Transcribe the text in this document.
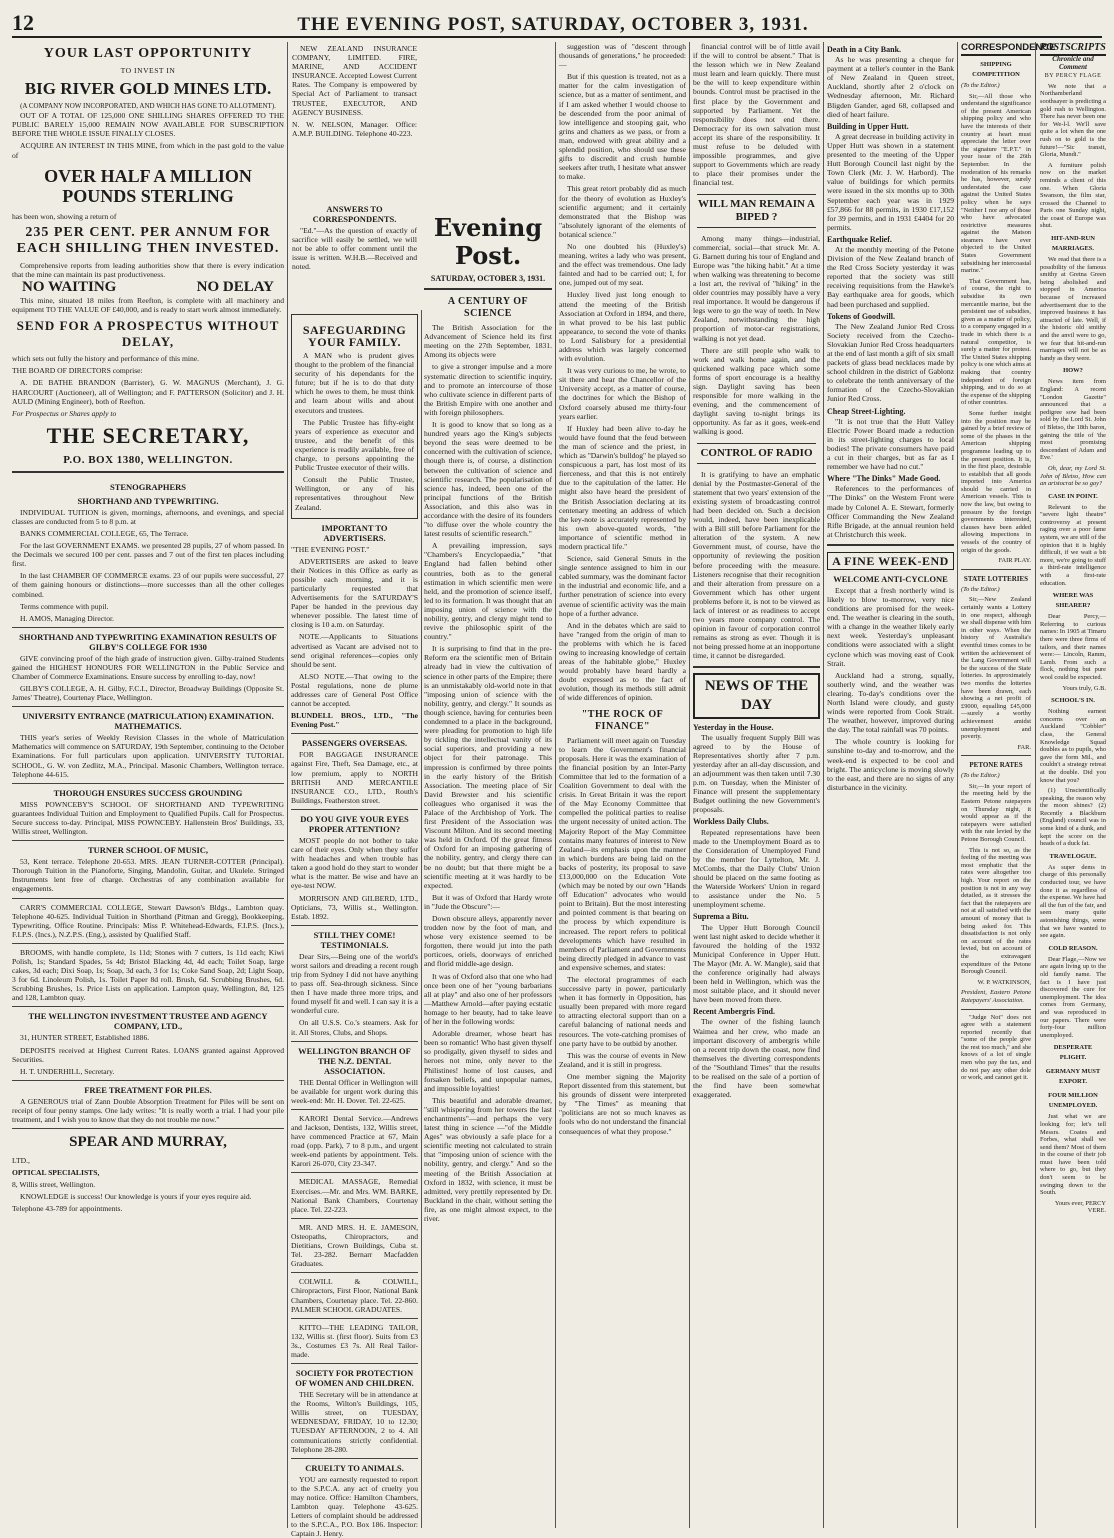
12	THE EVENING POST, SATURDAY, OCTOBER 3, 1931.
YOUR LAST OPPORTUNITY
TO INVEST IN
BIG RIVER GOLD MINES LTD.
(A COMPANY NOW INCORPORATED, AND WHICH HAS GONE TO ALLOTMENT).

OUT OF A TOTAL OF 125,000 ONE SHILLING SHARES OFFERED TO THE PUBLIC BARELY 15,000 REMAIN NOW AVAILABLE FOR SUBSCRIPTION BEFORE THE WHOLE ISSUE FINALLY CLOSES.

ACQUIRE AN INTEREST IN THIS MINE, from which in the past gold to the value of

OVER HALF A MILLION POUNDS STERLING

has been won, showing a return of

235 PER CENT. PER ANNUM FOR EACH SHILLING THEN INVESTED.

Comprehensive reports from leading authorities show that there is every indication that the mine can maintain its past productiveness.

NO WAITING	NO DELAY

This mine, situated 18 miles from Reefton, is complete with all machinery and equipment TO THE VALUE OF £40,000, and is ready to start work almost immediately.

SEND FOR A PROSPECTUS WITHOUT DELAY,

which sets out fully the history and performance of this mine.

THE BOARD OF DIRECTORS comprise:

A. DE BATHE BRANDON (Barrister), G. W. MAGNUS (Merchant), J. G. HARCOURT (Auctioneer), all of Wellington; and F. PATTERSON (Solicitor) and J. H. AULD (Mining Engineer), both of Reefton.

For Prospectus or Shares apply to

THE SECRETARY,
P.O. BOX 1380, WELLINGTON.
STENOGRAPHERS
SHORTHAND AND TYPEWRITING.

INDIVIDUAL TUITION is given, mornings, afternoons, and evenings, and special classes are conducted from 5 to 8 p.m. at

BANKS COMMERCIAL COLLEGE, 65, The Terrace.

For the last GOVERNMENT EXAMS. we presented 28 pupils, 27 of whom passed. In the Decimals we secured 100 per cent. passes and 7 out of the first ten places including first.

In the last CHAMBER OF COMMERCE exams. 23 of our pupils were successful, 27 of them gaining honours or distinctions—more successes than all the other colleges combined.

Terms commence with pupil.

H. AMOS, Managing Director.

SHORTHAND AND TYPEWRITING EXAMINATION RESULTS OF GILBY'S COLLEGE FOR 1930

GIVE convincing proof of the high grade of instruction given. Gilby-trained Students gained the HIGHEST HONOURS FOR WELLINGTON in the Public Service and Chamber of Commerce Examinations. Ensure success by enrolling to-day, now!

GILBY'S COLLEGE, A. H. Gilby, F.C.I., Director, Broadway Buildings (Opposite St. James' Theatre), Courtenay Place, Wellington.

UNIVERSITY ENTRANCE (MATRICULATION) EXAMINATION. MATHEMATICS.

THIS year's series of Weekly Revision Classes in the whole of Matriculation Mathematics will commence on SATURDAY, 19th September, continuing to the October Examinations. For full particulars upon application. UNIVERSITY TUTORIAL SCHOOL, G. W. von Zedlitz, M.A., Principal. Masonic Chambers, Wellington terrace. Telephone 44-615.

THOROUGH ENSURES SUCCESS GROUNDING

MISS POWNCEBY'S SCHOOL OF SHORTHAND AND TYPEWRITING guarantees Individual Tuition and Employment to Qualified Pupils. Call for Prospectus. Secure success to-day. Principal, MISS POWNCEBY. Hallenstein Bros' Buildings, 33, Willis street, Wellington.

TURNER SCHOOL OF MUSIC,

53, Kent terrace. Telephone 20-653. MRS. JEAN TURNER-COTTER (Principal). Thorough Tuition in the Pianoforte, Singing, Mandolin, Guitar, and Ukulele. Stringed Instruments lent free of charge. Orchestras of any combination available for engagements.

CARR'S COMMERCIAL COLLEGE, Stewart Dawson's Bldgs., Lambton quay. Telephone 40-625. Individual Tuition in Shorthand (Pitman and Gregg), Bookkeeping, Typewriting, Office Routine. Principals: Miss P. Whitehead-Edwards, F.I.P.S. (Incs.), F.I.P.S. (Incs.), N.Z.P.S. (Eng.), assisted by Qualified Staff.

BROOMS, with handle complete, 1s 11d; Stones with 7 cutters, 1s 11d each; Kiwi Polish, 1s; Standard Spades, 5s 4d; Bristol Blacking 4d, 4d each; Toilet Soap, large cakes, 3d each; Dixi Soap, 1s; Soap, 3d each, 3 for 1s; Coke Sand Soap, 2d; Light Soap, 3 for 6d. Linoleum Polish, 1s. Toilet Paper 8d roll. Brush, 6d. Scrubbing Brushes, 6d. Scrubbing Brushes, 1s. Price Lists on application. Lampton quay, Wellington, 8d, 125 and 128, Lambton quay.

THE WELLINGTON INVESTMENT TRUSTEE AND AGENCY COMPANY, LTD.,

31, HUNTER STREET, Established 1886.

DEPOSITS received at Highest Current Rates. LOANS granted against Approved Securities.

H. T. UNDERHILL, Secretary.

FREE TREATMENT FOR PILES.

A GENEROUS trial of Zann Double Absorption Treatment for Piles will be sent on receipt of four penny stamps. One lady writes: "It is really worth a trial. I had your pile treatment, and I wish you to know that they do not trouble me now."

SPEAR AND MURRAY,

LTD.,

OPTICAL SPECIALISTS,

8, Willis street, Wellington.

KNOWLEDGE is success! Our knowledge is yours if your eyes require aid.

Telephone 43-789 for appointments.

SAFEGUARDING YOUR FAMILY.

A MAN who is prudent gives thought to the problem of the financial security of his dependants for the future; but if he is to do that duty which he owes to them, he must think and learn about wills and about executors and trustees.

The Public Trustee has fifty-eight years of experience as executor and trustee, and the benefit of this experience is readily available, free of charge, to persons appointing the Public Trustee executor of their wills.

Consult the Public Trustee, Wellington, or any of his representatives throughout New Zealand.

IMPORTANT TO ADVERTISERS.

"THE EVENING POST."

ADVERTISERS are asked to leave their Notices in this Office as early as possible each morning, and it is particularly requested that Advertisements for the SATURDAY'S Paper be handed in the previous day whenever possible. The latest time of closing is 10 a.m. on Saturday.

NOTE.—Applicants to Situations advertised as Vacant are advised not to send original references—copies only should be sent.

ALSO NOTE.—That owing to the Postal regulations, none de plume addresses care of General Post Office cannot be accepted.

BLUNDELL BROS., LTD., "The Evening Post."

PASSENGERS OVERSEAS.

FOR BAGGAGE INSURANCE against Fire, Theft, Sea Damage, etc., at low premium, apply to NORTH BRITISH AND MERCANTILE INSURANCE CO., LTD., Routh's Buildings, Featherston street.

DO YOU GIVE YOUR EYES PROPER ATTENTION?

MOST people do not bother to take care of their eyes. Only when they suffer with headaches and when trouble has taken a good hold do they start to wonder what is the matter. Be wise and have an eye-test NOW.

MORRISON AND GILBERD, LTD., Opticians, 73, Willis st., Wellington. Estab. 1892.

STILL THEY COME! TESTIMONIALS.

Dear Sirs,—Being one of the world's worst sailors and dreading a recent rough trip from Sydney I did not have anything to pass off. Sea-through sickness. Since then I have made three more trips, and found myself fit and well. I can say it is a wonderful cure.

On all U.S.S. Co.'s steamers. Ask for it. All Stores, Clubs, and Shops.

WELLINGTON BRANCH OF THE N.Z. DENTAL ASSOCIATION.

THE Dental Officer in Wellington will be available for urgent work during this week-end: Mr. H. Dover. Tel. 22-625.

KARORI Dental Service.—Andrews and Jackson, Dentists, 132, Willis street, have commenced Practice at 67, Main road (opp. Park), 7 to 8 p.m., and urgent week-end patients by appointment. Tels. Karori 26-070, City 23-347.

MEDICAL MASSAGE, Remedial Exercises.—Mr. and Mrs. WM. BARKE, National Bank Chambers, Courtenay place. Tel. 22-223.

MR. AND MRS. H. E. JAMESON, Osteopaths, Chiropractors, and Dietitians, Crown Buildings, Cuba st. Tel. 23-282. Bernarr Macfadden Graduates.

COLWILL & COLWILL, Chiropractors, First Floor, National Bank Chambers, Courtenay place. Tel. 22-860. PALMER SCHOOL GRADUATES.

KITTO—THE LEADING TAILOR, 132, Willis st. (first floor). Suits from £3 3s., Costumes £3 7s. All Real Tailor-made.

SOCIETY FOR PROTECTION OF WOMEN AND CHILDREN.

THE Secretary will be in attendance at the Rooms, Wilton's Buildings, 105, Willis street, on TUESDAY, WEDNESDAY, FRIDAY, 10 to 12.30; TUESDAY AFTERNOON, 2 to 4. All communications strictly confidential. Telephone 28-280.

CRUELTY TO ANIMALS.

YOU are earnestly requested to report to the S.P.C.A. any act of cruelty you may notice. Office: Hamilton Chambers, Lambton quay. Telephone 43-625. Letters of complaint should be addressed to the S.P.C.A., P.O. Box 186. Inspector: Captain J. Henry.

NEW ZEALAND INSURANCE COMPANY, LIMITED. FIRE, MARINE, AND ACCIDENT INSURANCE. Accepted Lowest Current Rates. The Company is empowered by Special Act of Parliament to transact TRUSTEE, EXECUTOR, AND AGENCY BUSINESS.

N. W. NELSON, Manager. Office: A.M.P. BUILDING. Telephone 40-223.

ANSWERS TO CORRESPONDENTS.

"Ed."—As the question of exactly of sacrifice will easily be settled, we will not be able to offer comment until the issue is written. W.H.B.—Received and noted.

Evening Post.
SATURDAY, OCTOBER 3, 1931.
A CENTURY OF SCIENCE

The British Association for the Advancement of Science held its first meeting on the 27th September, 1831. Among its objects were

to give a stronger impulse and a more systematic direction to scientific inquiry, and to promote an intercourse of those who cultivate science in different parts of the British Empire with one another and with foreign philosophers.

It is good to know that so long as a hundred years ago the King's subjects beyond the seas were deemed to be concerned with the cultivation of science, though there is, of course, a distinction between the cultivation of science and scientific research. The popularisation of science has, indeed, been one of the principal functions of the British Association, and this also was in accordance with the desire of its founders "to diffuse over the whole country the latest results of scientific research."

A prevailing impression, says "Chambers's Encyclopaedia," "that England had fallen behind other countries, both as to the general estimation in which scientific men were held, and the promotion of science itself, led to its formation. It was thought that an imposing union of science with the nobility, gentry, and clergy might tend to revive the philosophic spirit of the country."

It is surprising to find that in the pre-Reform era the scientific men of Britain already had in view the cultivation of science in other parts of the Empire; there is an unmistakably old-world note in that "imposing union of science with the nobility, gentry, and clergy." It sounds as though science, having for centuries been condemned to a place in the background, were pleading for promotion to high life by tickling the intellectual vanity of its social superiors, and providing a new object for their patronage. This impression is confirmed by three points in the early history of the British Association. The meeting place of Sir David Brewster and his scientific colleagues who organised it was the Palace of the Archbishop of York. The first President of the Association was Viscount Milton. And its second meeting was held in Oxford. Of the great fitness of Oxford for an imposing gathering of the nobility, gentry, and clergy there can be no doubt; but that there might be a scientific meeting at it was hardly to be expected.

But it was of Oxford that Hardy wrote in "Jude the Obscure":—

Down obscure alleys, apparently never trodden now by the foot of man, and whose very existence seemed to be forgotten, there would jut into the path porticoes, oriels, doorways of enriched and florid middle-age design.

It was of Oxford also that one who had once been one of her "young barbarians all at play" and also one of her professors—Matthew Arnold—after paying ecstatic homage to her beauty, had to take leave of her in the following words:

Adorable dreamer, whose heart has been so romantic! Who hast given thyself so prodigally, given thyself to sides and heroes not mine, only never to the Philistines! home of lost causes, and forsaken beliefs, and unpopular names, and impossible loyalties!

This beautiful and adorable dreamer, "still whispering from her towers the last enchantments"—and perhaps the very latest thing in science —"of the Middle Ages" was obviously a safe place for a scientific meeting not calculated to strain that "imposing union of science with the nobility, gentry, and clergy." And so the meeting of the British Association at Oxford in 1832, with science, it must be admitted, very prettily represented by Dr. Buckland in the chair, without setting the fire, as one might almost expect, to the river.

suggestion was of "descent through thousands of generations," he proceeded:—

But if this question is treated, not as a matter for the calm investigation of science, but as a matter of sentiment, and if I am asked whether I would choose to be descended from the poor animal of low intelligence and stooping gait, who grins and chatters as we pass, or from a man, endowed with great ability and a splendid position, who should use these gifts to discredit and crush humble seekers after truth, I hesitate what answer to make.

This great retort probably did as much for the theory of evolution as Huxley's scientific argument; and it certainly demonstrated that the Bishop was "absolutely ignorant of the elements of botanical science."

No one doubted his (Huxley's) meaning, writes a lady who was present, and the effect was tremendous. One lady fainted and had to be carried out; I, for one, jumped out of my seat.

Huxley lived just long enough to attend the meeting of the British Association at Oxford in 1894, and there, in what proved to be his last public appearance, to second the vote of thanks to Lord Salisbury for a presidential address which was largely concerned with evolution.

It was very curious to me, he wrote, to sit there and hear the Chancellor of the University accept, as a matter of course, the doctrines for which the Bishop of Oxford coarsely abused me thirty-four years earlier.

If Huxley had been alive to-day he would have found that the feud between the man of science and the priest, in which as "Darwin's bulldog" he played so conspicuous a part, has lost most of its fierceness, and that this is not entirely due to the capitulation of the latter. He might also have heard the president of the British Association declaring at its centenary meeting an address of which the key-note is accurately represented by his own above-quoted words, "the importance of scientific method in modern practical life."

Science, said General Smuts in the single sentence assigned to him in our cabled summary, was the dominant factor in the industrial and economic life, and a further penetration of science into every avenue of scientific activity was the main hope of a further advance.

And in the debates which are said to have "ranged from the origin of man to the problems with which he is faced owing to increasing knowledge of certain areas of the habitable globe," Huxley would probably have heard hardly a doubt expressed as to the fact of evolution, though its methods still admit of wide differences of opinion.

"THE ROCK OF FINANCE"

Parliament will meet again on Tuesday to learn the Government's financial proposals. Here it was the examination of the financial position by an Inter-Party Committee that led to the formation of a Coalition Government to deal with the crisis. In Great Britain it was the report of the May Economy Committee that compelled the political parties to realise the urgent necessity of united action. The Majority Report of the May Committee contains many features of interest to New Zealand—its emphasis upon the manner in which burdens are being laid on the backs of posterity, its proposal to save £13,000,000 on the Education Vote (which may be noted by our own "Hands off Education" advocates who would point to Britain). But the most interesting and pointed comment is that bearing on the process by which expenditure is increased. The report refers to political developments which have resulted in members of Parliament and Governments being directly pledged in advance to vast and expensive schemes, and states:

The electoral programmes of each successive party in power, particularly when it has formerly in Opposition, has usually been prepared with more regard to attracting electoral support than on a careful balancing of national needs and resources. The vote-catching promises of one party have to be outbid by another.

This was the course of events in New Zealand, and it is still in progress.

One member signing the Majority Report dissented from this statement, but his grounds of dissent were interpreted by "The Times" as meaning that "politicians are not so much knaves as fools who do not understand the financial consequences of what they propose."

financial control will be of little avail if the will to control be absent." That is the lesson which we in New Zealand must learn and learn quickly. There must be the will to keep expenditure within bounds. Control must be practised in the first place by the Government and supported by Parliament. Yet the responsibility does not end there. Democracy for its own salvation must accept its share of the responsibility. It must refuse to be deluded with impossible programmes, and give support to Governments which are ready to place their promises under the financial test.

WILL MAN REMAIN A BIPED ?

Among many things—industrial, commercial, social—that struck Mr. A. G. Barnett during his tour of England and Europe was "the hiking habit." At a time when walking was threatening to become a lost art, the revival of "hiking" in the older countries may possibly have a very real importance. It would be dangerous if legs were to go the way of teeth. In New Zealand, notwithstanding the high proportion of motor-car registrations, walking is not yet dead.

There are still people who walk to work and walk home again, and the quickened walking pace which some forms of sport encourage is a healthy sign. Daylight saving has been responsible for more walking in the evening, and the commencement of daylight saving to-night brings its opportunity. As far as it goes, week-end walking is good.

CONTROL OF RADIO

It is gratifying to have an emphatic denial by the Postmaster-General of the statement that two years' extension of the existing system of broadcasting control had been decided on. Such a decision would, indeed, have been inexplicable with a Bill still before Parliament for the alteration of the system. A new Government must, of course, have the opportunity of reviewing the position before proceeding with the measure. Listeners recognise that their recognition and their alteration from pressure on a Government which has other urgent problems before it, is not to be viewed as lack of interest or as readiness to accept two years more company control. The opinion in favour of corporation control remains as strong as ever. Though it is not being pressed home at an inopportune time, it cannot be disregarded.

NEWS OF THE DAY
Yesterday in the House.

The usually frequent Supply Bill was agreed to by the House of Representatives shortly after 7 p.m. yesterday after an all-day discussion, and an adjournment was then taken until 7.30 p.m. on Tuesday, when the Minister of Finance will present the supplementary Budget outlining the new Government's proposals.

Workless Daily Clubs.

Repeated representations have been made to the Unemployment Board as to the Consideration of Unemployed Fund by the member for Lyttelton, Mr. J. McCombs, that the Daily Clubs' Union should be placed on the same footing as the Waterside Workers' Union in regard to assistance under the No. 5 unemployment scheme.

Suprema a Bitu.

The Upper Hutt Borough Council went last night asked to decide whether it favoured the holding of the 1932 Municipal Conference in Upper Hutt. The Mayor (Mr. A. W. Mangle), said that the conference originally had always been held in Wellington, which was the most suitable place, and it should never have been moved from there.

Recent Ambergris Find.

The owner of the fishing launch Waimea and her crew, who made an important discovery of ambergris while on a recent trip down the coast, now find themselves the diverting correspondents of the "Southland Times" that the results to be realised on the sale of a portion of the find have been somewhat exaggerated.

Death in a City Bank.

As he was presenting a cheque for payment at a teller's counter in the Bank of New Zealand in Queen street, Auckland, shortly after 2 o'clock on Wednesday afternoon, Mr. Richard Bligden Gander, aged 68, collapsed and died of heart failure.

Building in Upper Hutt.

A great decrease in building activity in Upper Hutt was shown in a statement presented to the meeting of the Upper Hutt Borough Council last night by the Town Clerk (Mr. J. W. Harbord). The value of buildings for which permits were issued in the six months up to 30th September each year was in 1929 £57,866 for 88 permits, in 1930 £17,152 for 39 permits, and in 1931 £4404 for 20 permits.

Earthquake Relief.

At the monthly meeting of the Petone Division of the New Zealand branch of the Red Cross Society yesterday it was reported that the society was still receiving requisitions from the Hawke's Bay earthquake area for goods, which had been purchased and supplied.

Tokens of Goodwill.

The New Zealand Junior Red Cross Society received from the Czecho-Slovakian Junior Red Cross headquarters at the end of last month a gift of six small packets of glass bead necklaces made by school children in the district of Gablonz to celebrate the tenth anniversary of the formation of the Czecho-Slovakian Junior Red Cross.

Cheap Street-Lighting.

"It is not true that the Hutt Valley Electric Power Board made a reduction in its street-lighting charges to local bodies! The private consumers have paid a cut in their charges, but as far as I remember we have had no cut."

Where "The Dinks" Made Good.

References to the performances of "The Dinks" on the Western Front were made by Colonel A. E. Stewart, formerly Officer Commanding the New Zealand Rifle Brigade, at the annual reunion held at Christchurch this week.

A FINE WEEK-END
WELCOME ANTI-CYCLONE

Except that a fresh northerly wind is likely to blow to-morrow, very nice conditions are promised for the week-end. The weather is clearing in the south, with a change in the weather likely early next week. Yesterday's unpleasant conditions were associated with a slight cyclone which was moving east of Cook Strait.

Auckland had a strong, squally, southerly wind, and the weather was clearing. To-day's conditions over the North Island were cloudy, and gusty winds were reported from Cook Strait. The weather, however, improved during the day. The total rainfall was 70 points.

The whole country is looking for sunshine to-day and to-morrow, and the week-end is expected to be cool and bright. The anticyclone is moving slowly to the east, and there are no signs of any disturbance in the vicinity.

CORRESPONDENCE
SHIPPING COMPETITION

(To the Editor.)

Sir,—All those who understand the significance of the present American shipping policy and who have the interests of their country at heart must appreciate the letter over the signature "E.P.T." in your issue of the 26th September. In the moderation of his remarks he has, however, surely understated the case against the United States policy when he says "Neither I nor any of those who have advocated restrictive measures against the Matson steamers have ever objected to the United States Government subsidising her intercoastal marine."

That Government has, of course, the right to subsidise its own mercantile marine, but the persistent use of subsidies, given as a matter of policy, to a company engaged in a trade in which there is a natural competitor, is surely a matter for protest. The United States shipping policy is one which aims at making that country independent of foreign shipping, and to do so at the expense of the shipping of other countries.

Some further insight into the position may be gained by a brief review of some of the phases in the American shipping programme leading up to the present position. It is, in the first place, desirable to establish that all goods imported into America should be carried in American vessels. This is now the law, but owing to pressure by the foreign governments interested, clauses have been added allowing inspections in vessels of the country of origin of the goods.

FAIR PLAY.

STATE LOTTERIES

(To the Editor.)

Sir,—New Zealand certainly wants a Lottery in one respect, although we shall dispense with him in other ways. When the history of Australia's eventful times comes to be written the achievement of the Lang Government will be the success of the State lotteries. In approximately two months the lotteries have been drawn, each showing a net profit of £9000, equalling £45,000—surely a worthy achievement amidst unemployment and poverty.

FAR.

PETONE RATES

(To the Editor.)

Sir,—In your report of the meeting held by the Eastern Petone ratepayers on Thursday night, it would appear as if the ratepayers were satisfied with the rate levied by the Petone Borough Council.

This is not so, as the feeling of the meeting was most emphatic that the rates were altogether too high. Your report on the position is not in any way detailed, as it stresses the fact that the ratepayers are not at all satisfied with the amount of money that is being asked for. This dissatisfaction is not only on account of the rates levied, but on account of the extravagant expenditure of the Petone Borough Council.

W. P. WATKINSON,

President, Eastern Petone Ratepayers' Association.

"Judge Not" does not agree with a statement reported recently that "some of the people give the rest too much," and she knows of a lot of single men who pay the tax, and do not pay any other dole or work, and cannot get it.

POSTSCRIPTS
Chronicle and Comment
BY PERCY FLAGE

We note that a Northamberland soothsayer is predicting a gold rush to Wellington. There has never been one for We-l-l. We'll save quite a lot when the one rush on to gold is the future!—"Sic transit, Gloria, Mundi."

A furniture polish now on the market reminds a client of this one. When Gloria Swanson, the film star, crossed the Channel to Paris one Sunday night, the coast of Europe was shut.

HIT-AND-RUN MARRIAGES.

We read that there is a possibility of the famous smithy at Gretna Green being abolished and stopped in America because of increased advertisement due to the improved business it has attracted of late. Well, if the historic old smithy and the anvil were to go, we fear that hit-and-run marriages will not be as handy as they were.

HOW?

News item from England: A recent "London Gazette" announced that a pedigree sow had been sold by the Lord St. John of Bletso, the 18th baron, gaining the title of 'the most promising descendant of Adam and Eve.'

Oh, dear, my Lord St. John of Bletso, How can an aristocrat be so gay?

CASE IN POINT.

Relevant to the "severe light theatre" controversy at present raging over a poor fame system, we are still of the opinion that it is highly difficult, if we wait a bit more, we're going to stuff a third-rate intelligence with a first-rate education.

WHERE WAS SHEARER?

Dear Percy,— Referring to curious names: In 1905 at Timaru there were three firms of tailors, and their names were:— Lincoln, Ramm, Lamb. From such a flock, nothing but pure wool could be expected.

Yours truly, G.B.

SCHOOL'S IN.

Nothing earnest concerns over an Auckland "Cobbler" class, the General Knowledge Squad doubles as to pupils, who gave the form Mil., and couldn't a strategy retreat at the double. Did you know that you?

(1) Unscientifically speaking, the reason why the moon shines? (2) Recently a Blackburn (England) council was in some kind of a dunk, and kept the score on the heads of a duck fat.

TRAVELOGUE.

As super dems in charge of this personally conducted tour, we have done it as regardless of the expense. We have had all the fun of the fair, and seen many quite astonishing things, some that we have wanted to see again.

COLD REASON.

Dear Flage,—Now we are again living up to the old family name. The fact is I have just discovered the cure for unemployment. The idea comes from Germany, and was reproduced in our papers. There were forty-four million unemployed.

DESPERATE PLIGHT.
GERMANY MUST EXPORT.
FOUR MILLION UNEMPLOYED.

Just what we are looking for; let's tell Messrs. Coates and Forbes, what shall we send them? Most of them in the course of their job must have been told where to go, but they don't seem to be swinging down to the South.

Yours ever, PERCY VERE.
